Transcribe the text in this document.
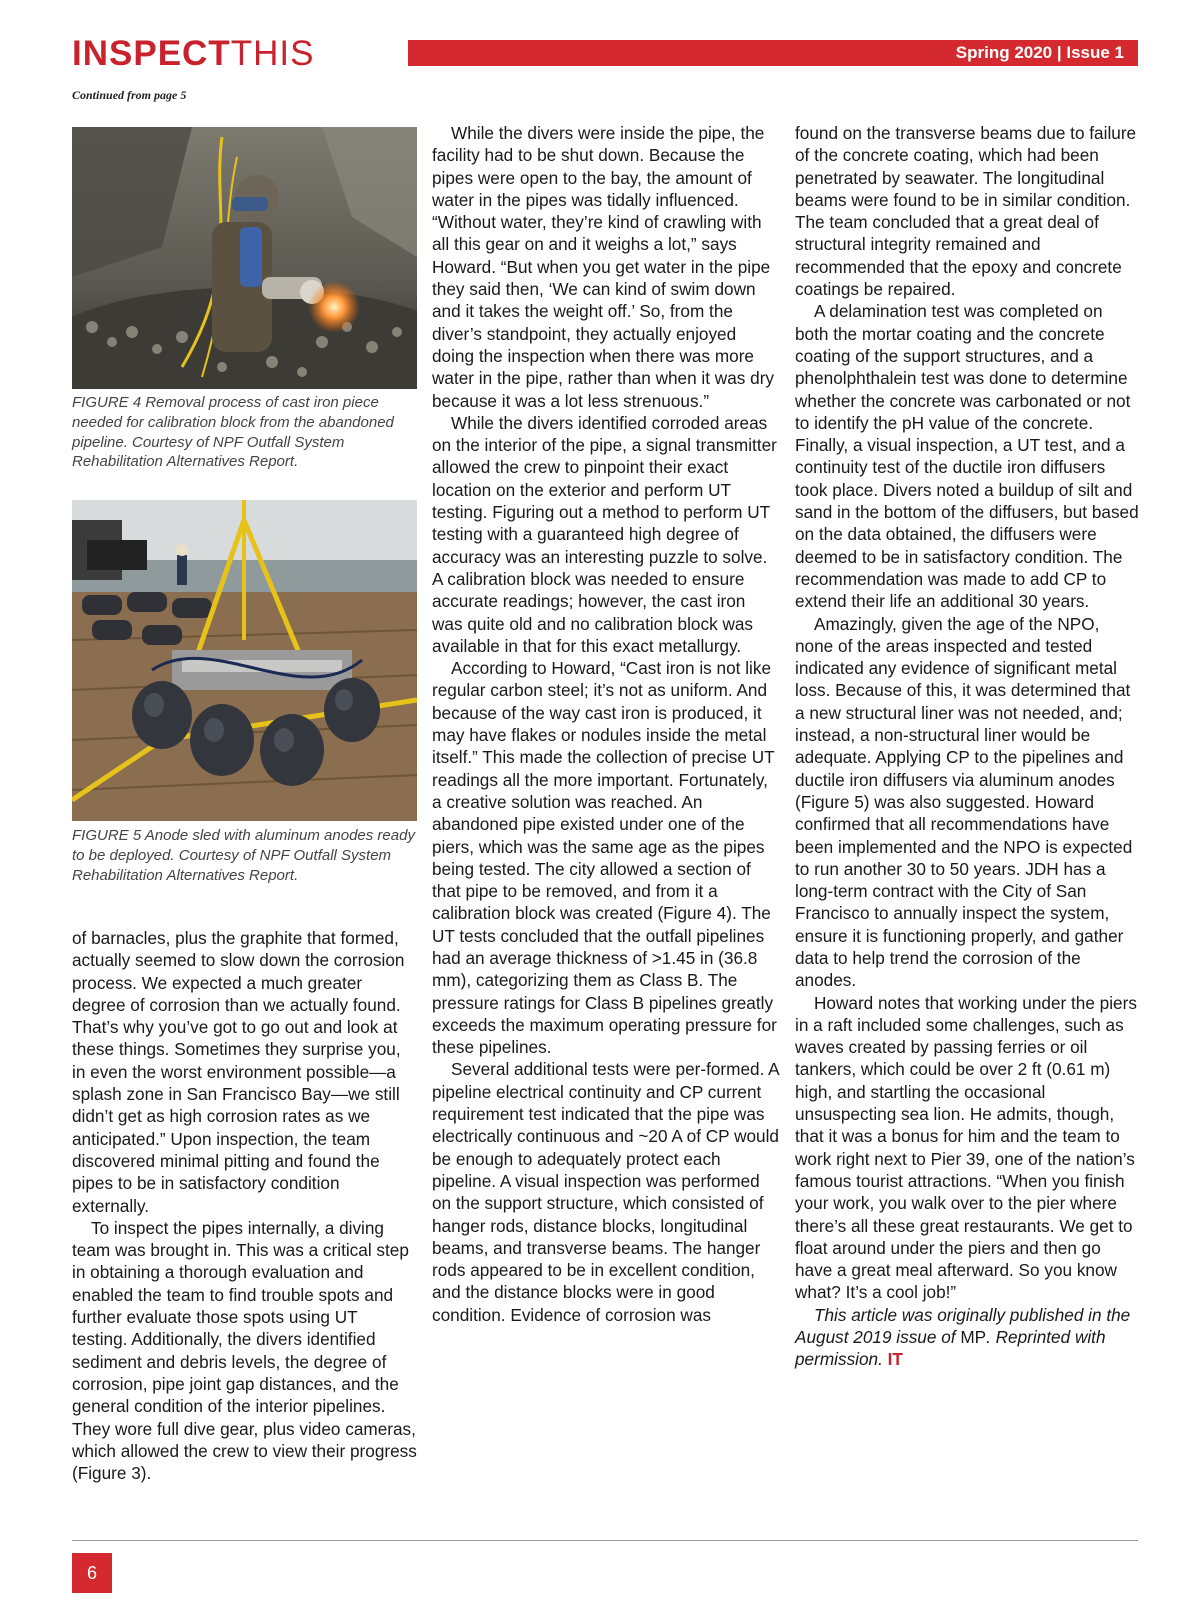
Spring 2020 | Issue 1
INSPECTTHIS
Continued from page 5
FIGURE 4 Removal process of cast iron piece needed for calibration block from the abandoned pipeline. Courtesy of NPF Outfall System Rehabilitation Alternatives Report.
FIGURE 5 Anode sled with aluminum anodes ready to be deployed. Courtesy of NPF Outfall System Rehabilitation Alternatives Report.

of barnacles, plus the graphite that formed, actually seemed to slow down the corrosion process. We expected a much greater degree of corrosion than we actually found. That’s why you’ve got to go out and look at these things. Sometimes they surprise you, in even the worst environment possible—a splash zone in San Francisco Bay—we still didn’t get as high corrosion rates as we anticipated.” Upon inspection, the team discovered minimal pitting and found the pipes to be in satisfactory condition externally.

To inspect the pipes internally, a diving team was brought in. This was a critical step in obtaining a thorough evaluation and enabled the team to find trouble spots and further evaluate those spots using UT testing. Additionally, the divers identified sediment and debris levels, the degree of corrosion, pipe joint gap distances, and the general condition of the interior pipelines. They wore full dive gear, plus video cameras, which allowed the crew to view their progress (Figure 3).

While the divers were inside the pipe, the facility had to be shut down. Because the pipes were open to the bay, the amount of water in the pipes was tidally influenced. “Without water, they’re kind of crawling with all this gear on and it weighs a lot,” says Howard. “But when you get water in the pipe they said then, ‘We can kind of swim down and it takes the weight off.’ So, from the diver’s standpoint, they actually enjoyed doing the inspection when there was more water in the pipe, rather than when it was dry because it was a lot less strenuous.”

While the divers identified corroded areas on the interior of the pipe, a signal transmitter allowed the crew to pinpoint their exact location on the exterior and perform UT testing. Figuring out a method to perform UT testing with a guaranteed high degree of accuracy was an interesting puzzle to solve. A calibration block was needed to ensure accurate readings; however, the cast iron was quite old and no calibration block was available in that for this exact metallurgy.

According to Howard, “Cast iron is not like regular carbon steel; it’s not as uniform. And because of the way cast iron is produced, it may have flakes or nodules inside the metal itself.” This made the collection of precise UT readings all the more important. Fortunately, a creative solution was reached. An abandoned pipe existed under one of the piers, which was the same age as the pipes being tested. The city allowed a section of that pipe to be removed, and from it a calibration block was created (Figure 4). The UT tests concluded that the outfall pipelines had an average thickness of >1.45 in (36.8 mm), categorizing them as Class B. The pressure ratings for Class B pipelines greatly exceeds the maximum operating pressure for these pipelines.

Several additional tests were per-formed. A pipeline electrical continuity and CP current requirement test indicated that the pipe was electrically continuous and ~20 A of CP would be enough to adequately protect each pipeline. A visual inspection was performed on the support structure, which consisted of hanger rods, distance blocks, longitudinal beams, and transverse beams. The hanger rods appeared to be in excellent condition, and the distance blocks were in good condition. Evidence of corrosion was

found on the transverse beams due to failure of the concrete coating, which had been penetrated by seawater. The longitudinal beams were found to be in similar condition. The team concluded that a great deal of structural integrity remained and recommended that the epoxy and concrete coatings be repaired.

A delamination test was completed on both the mortar coating and the concrete coating of the support structures, and a phenolphthalein test was done to determine whether the concrete was carbonated or not to identify the pH value of the concrete. Finally, a visual inspection, a UT test, and a continuity test of the ductile iron diffusers took place. Divers noted a buildup of silt and sand in the bottom of the diffusers, but based on the data obtained, the diffusers were deemed to be in satisfactory condition. The recommendation was made to add CP to extend their life an additional 30 years.

Amazingly, given the age of the NPO, none of the areas inspected and tested indicated any evidence of significant metal loss. Because of this, it was determined that a new structural liner was not needed, and; instead, a non-structural liner would be adequate. Applying CP to the pipelines and ductile iron diffusers via aluminum anodes (Figure 5) was also suggested. Howard confirmed that all recommendations have been implemented and the NPO is expected to run another 30 to 50 years. JDH has a long-term contract with the City of San Francisco to annually inspect the system, ensure it is functioning properly, and gather data to help trend the corrosion of the anodes.

Howard notes that working under the piers in a raft included some challenges, such as waves created by passing ferries or oil tankers, which could be over 2 ft (0.61 m) high, and startling the occasional unsuspecting sea lion. He admits, though, that it was a bonus for him and the team to work right next to Pier 39, one of the nation’s famous tourist attractions. “When you finish your work, you walk over to the pier where there’s all these great restaurants. We get to float around under the piers and then go have a great meal afterward. So you know what? It’s a cool job!”

This article was originally published in the August 2019 issue of MP. Reprinted with permission. IT

6
